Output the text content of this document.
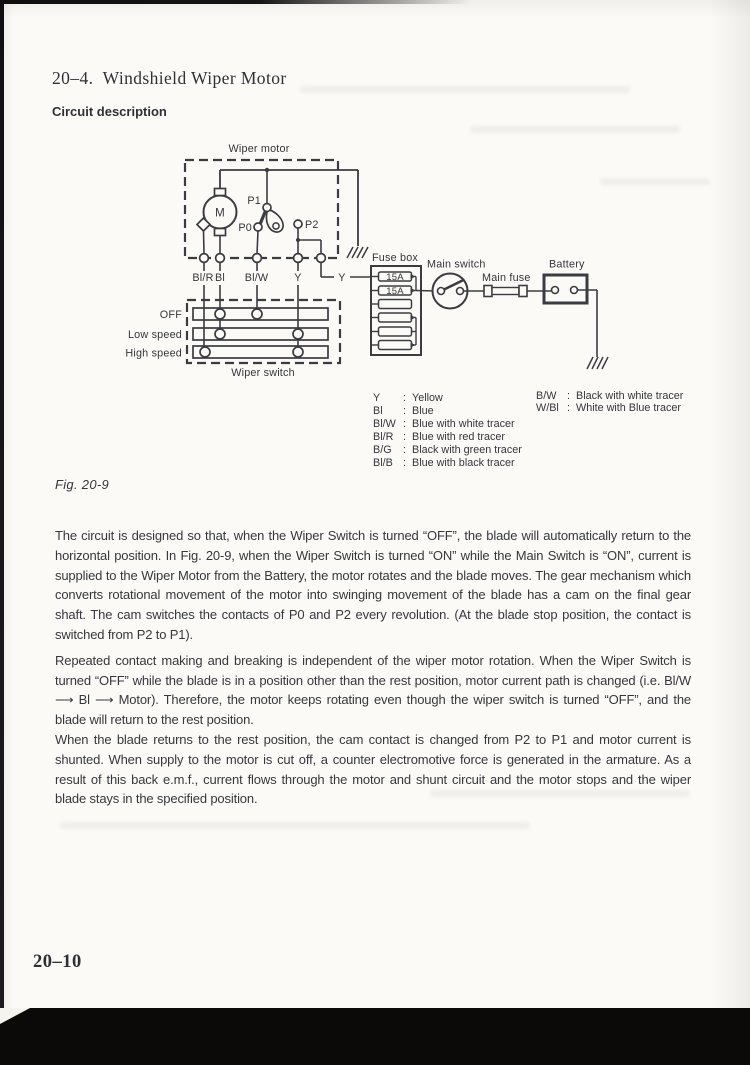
20–4.  Windshield Wiper Motor
Circuit description
Wiper motor
M
P1
P0	P2
Bl/R Bl Bl/W Y	Y
OFF
Low speed
High speed
Wiper switch
Fuse box
15A
15A
Main switch
Main fuse
Battery
Y	: Yellow
Bl	: Blue
Bl/W : Blue with white tracer
Bl/R : Blue with red tracer
B/G	: Black with green tracer
Bl/B : Blue with black tracer
B/W : Black with white tracer
W/Bl : White with Blue tracer
Fig. 20-9

The circuit is designed so that, when the Wiper Switch is turned “OFF”, the blade will automatically return to the horizontal position. In Fig. 20-9, when the Wiper Switch is turned “ON” while the Main Switch is “ON”, current is supplied to the Wiper Motor from the Battery, the motor rotates and the blade moves. The gear mechanism which converts rotational movement of the motor into swinging movement of the blade has a cam on the final gear shaft. The cam switches the contacts of P0 and P2 every revolution. (At the blade stop position, the contact is switched from P2 to P1).

Repeated contact making and breaking is independent of the wiper motor rotation. When the Wiper Switch is turned “OFF” while the blade is in a position other than the rest position, motor current path is changed (i.e. Bl/W ⟶ Bl ⟶ Motor). Therefore, the motor keeps rotating even though the wiper switch is turned “OFF”, and the blade will return to the rest position.

When the blade returns to the rest position, the cam contact is changed from P2 to P1 and motor current is shunted. When supply to the motor is cut off, a counter electromotive force is generated in the armature. As a result of this back e.m.f., current flows through the motor and shunt circuit and the motor stops and the wiper blade stays in the specified position.

20–10
